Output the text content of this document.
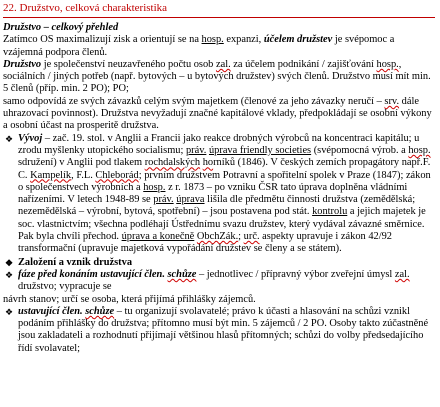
22. Družstvo, celková charakteristika

Družstvo – celkový přehled

Zatímco OS maximalizují zisk a orientují se na hosp. expanzi, účelem družstev je svépomoc a vzájemná podpora členů.

Družstvo je společenství neuzavřeného počtu osob zal. za účelem podnikání / zajišťování hosp., sociálních / jiných potřeb (např. bytových – u bytových družstev) svých členů. Družstvo musí mít min. 5 členů (příp. min. 2 PO); PO;

samo odpovídá ze svých závazků celým svým majetkem (členové za jeho závazky neručí – srv. dále uhrazovací povinnost). Družstva nevyžadují značné kapitálové vklady, předpokládají se osobní výkony a osobní účast na prosperitě družstva.

❖ Vývoj – zač. 19. stol. v Anglii a Francii jako reakce drobných výrobců na koncentraci kapitálu; u zrodu myšlenky utopického socialismu; práv. úprava friendly societies (svépomocná výrob. a hosp. sdružení) v Anglii pod tlakem rochdalských horníků (1846). V českých zemích propagátory např.F. C. Kampelík, F.L. Chleborád; prvním družstvem Potravní a spořitelní spolek v Praze (1847); zákon o společenstvech výrobních a hosp. z r. 1873 – po vzniku ČSR tato úprava doplněna vládními nařízeními. V letech 1948-89 se práv. úprava lišila dle předmětu činnosti družstva (zemědělská; nezemědělská – výrobní, bytová, spotřební) – jsou postavena pod stát. kontrolu a jejich majetek je soc. vlastnictvím; všechna podléhají Ústřednímu svazu družstev, který vydával závazné směrnice. Pak byla chvíli přechod. úprava a konečně ObchZák.; urč. aspekty upravuje i zákon 42/92 transformační (upravuje majetková vypořádání družstev se členy a se státem).

❖ Založení a vznik družstva

❖ fáze před konáním ustavující člen. schůze – jednotlivec / přípravný výbor zveřejní úmysl zal. družstvo; vypracuje se

návrh stanov; určí se osoba, která přijímá přihlášky zájemců.

❖ ustavující člen. schůze – tu organizují svolavatelé; právo k účasti a hlasování na schůzi vznikl podáním přihlášky do družstva; přítomno musí být min. 5 zájemců / 2 PO. Osoby takto zúčastněné jsou zakladateli a rozhodnutí přijímají většinou hlasů přítomných; schůzi do volby předsedajícího řídí svolavatel;
